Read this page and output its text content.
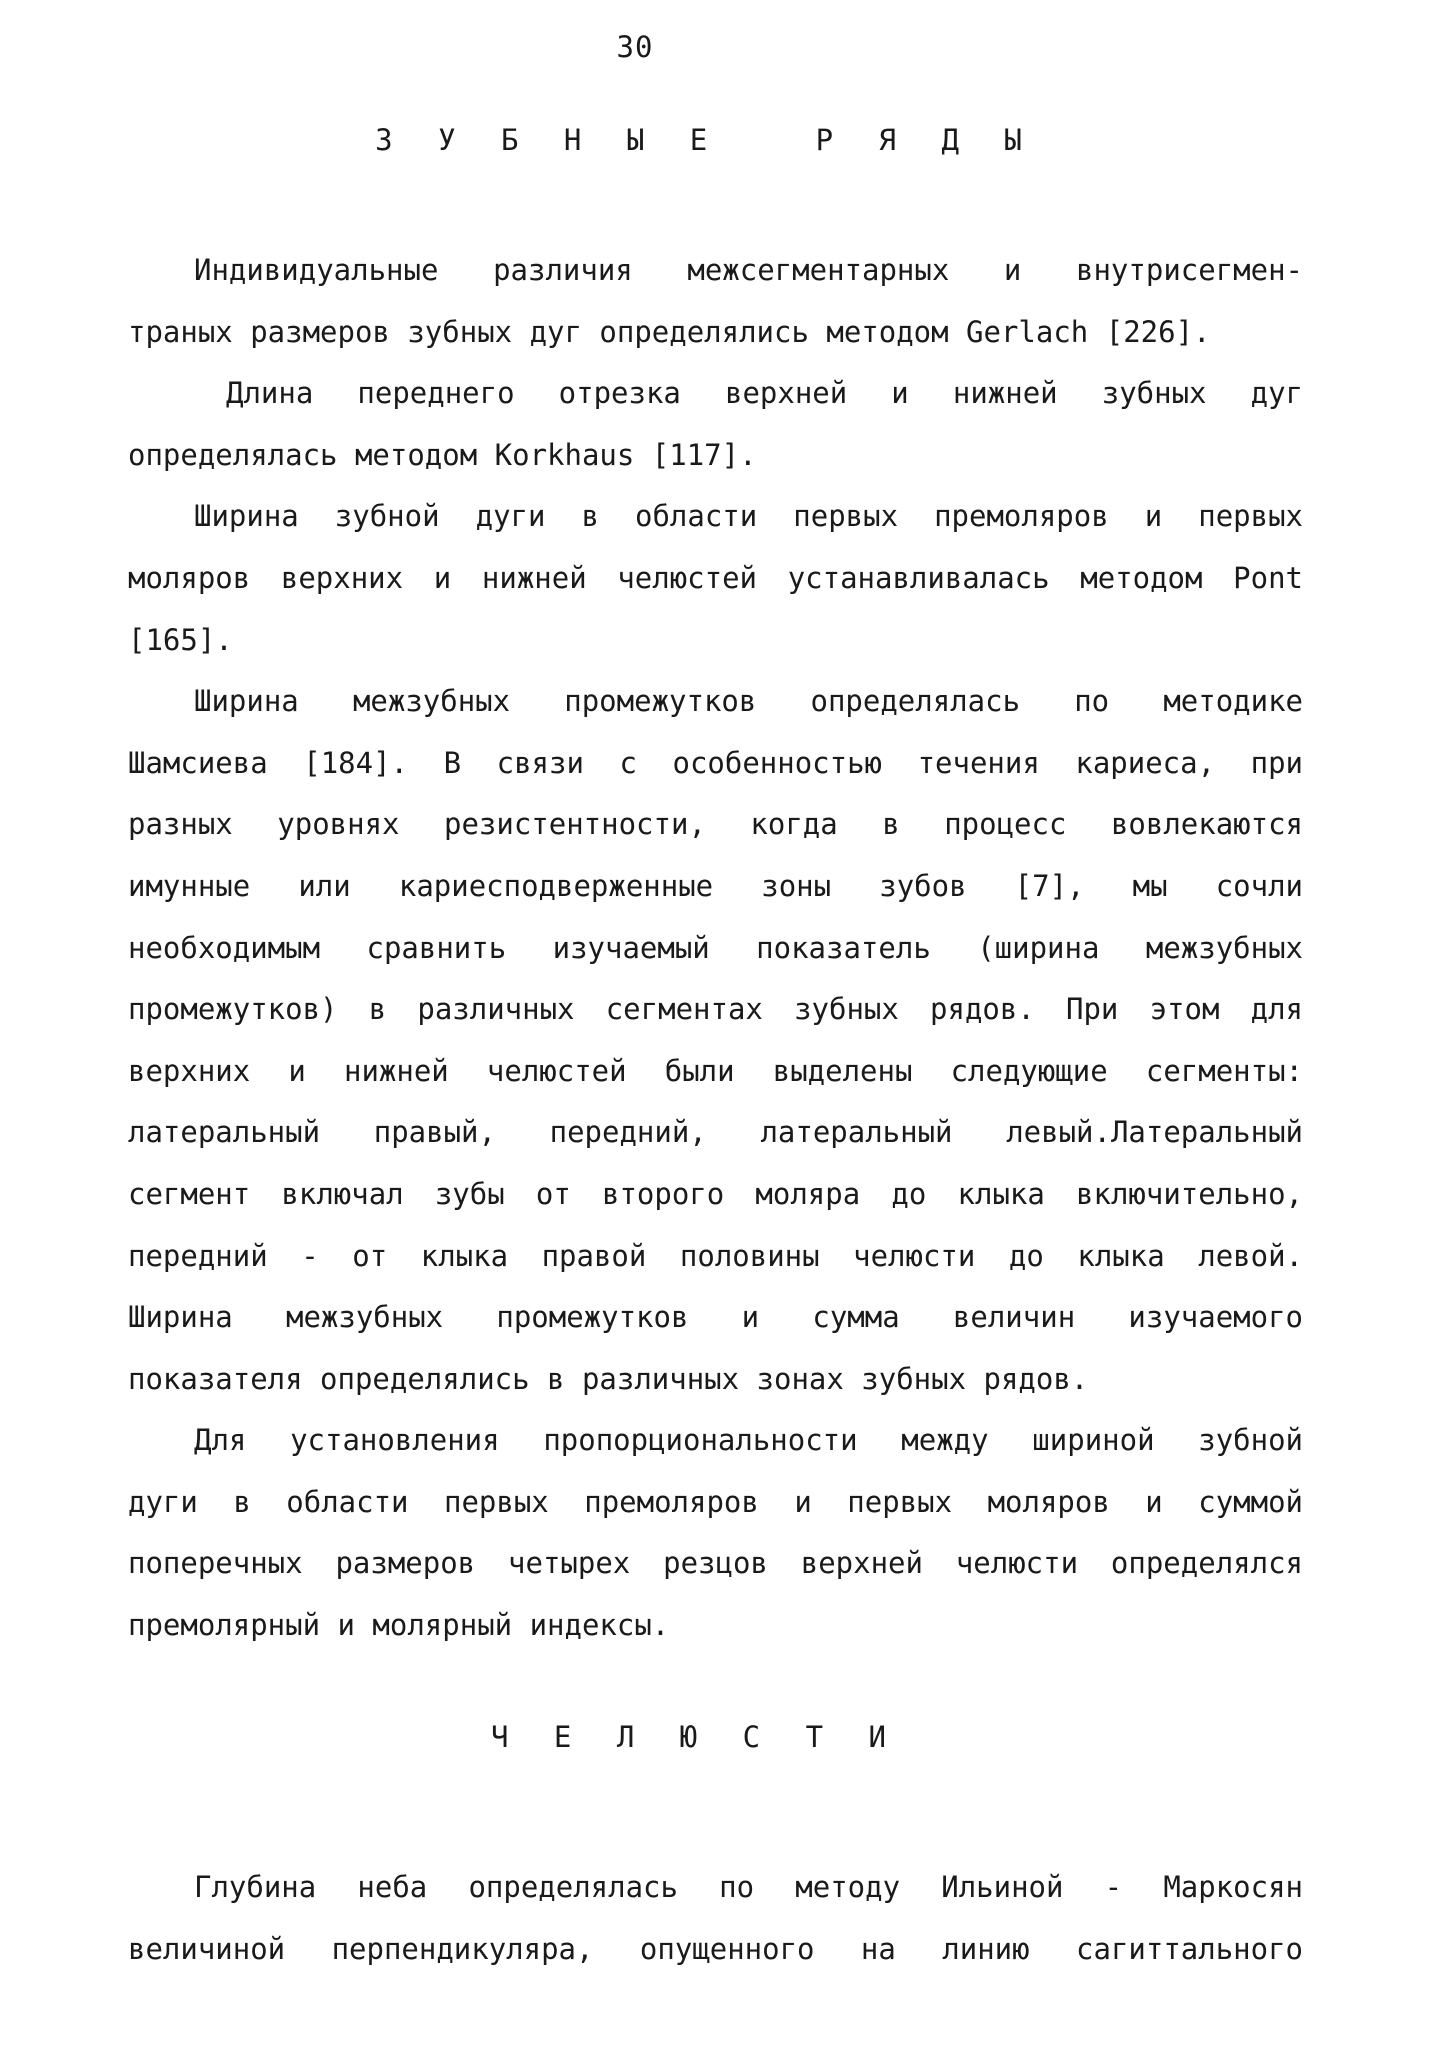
30
З У Б Н Ы Е   Р Я Д Ы
Индивидуальные различия межсегментарных и внутрисегмен-
траных размеров зубных дуг определялись методом Gerlach [226].
Длина переднего отрезка верхней и нижней зубных дуг
определялась методом Korkhaus [117].
Ширина зубной дуги в области первых премоляров и первых
моляров верхних и нижней челюстей устанавливалась методом Pont
[165].
Ширина межзубных промежутков определялась по методике
Шамсиева [184]. В связи с особенностью течения кариеса, при
разных уровнях резистентности, когда в процесс вовлекаются
имунные или кариесподверженные зоны зубов [7], мы сочли
необходимым сравнить изучаемый показатель (ширина межзубных
промежутков) в различных сегментах зубных рядов. При этом для
верхних и нижней челюстей были выделены следующие сегменты:
латеральный правый, передний, латеральный левый.Латеральный
сегмент включал зубы от второго моляра до клыка включительно,
передний - от клыка правой половины челюсти до клыка левой.
Ширина межзубных промежутков и сумма величин изучаемого
показателя определялись в различных зонах зубных рядов.
Для установления пропорциональности между шириной зубной
дуги в области первых премоляров и первых моляров и суммой
поперечных размеров четырех резцов верхней челюсти определялся
премолярный и молярный индексы.
Ч Е Л Ю С Т И
Глубина неба определялась по методу Ильиной - Маркосян
величиной перпендикуляра, опущенного на линию сагиттального
